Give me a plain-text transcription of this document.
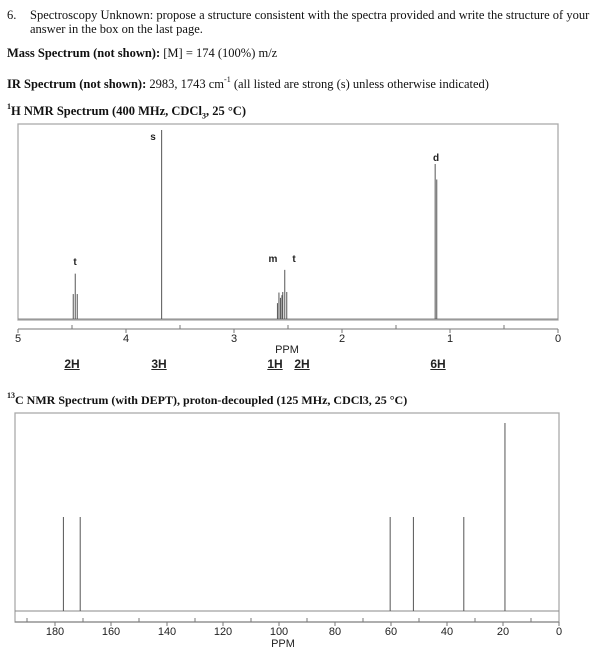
6. Spectroscopy Unknown: propose a structure consistent with the spectra provided and write the structure of your answer in the box on the last page.
Mass Spectrum (not shown): [M] = 174 (100%) m/z
IR Spectrum (not shown): 2983, 1743 $cm^{-1}$ (all listed are strong (s) unless otherwise indicated)
$^1$H NMR Spectrum (400 MHz, CDCl$_3$, 25 °C)
5	4	3	2	1	0
t
s
m t
d
PPM
2H	3H	1H 2H	6H
$^{13}$C NMR Spectrum (with DEPT), proton-decoupled (125 MHz, CDCl3, 25 °C)
180	160	140	120	100	80	60	40	20	0
PPM
